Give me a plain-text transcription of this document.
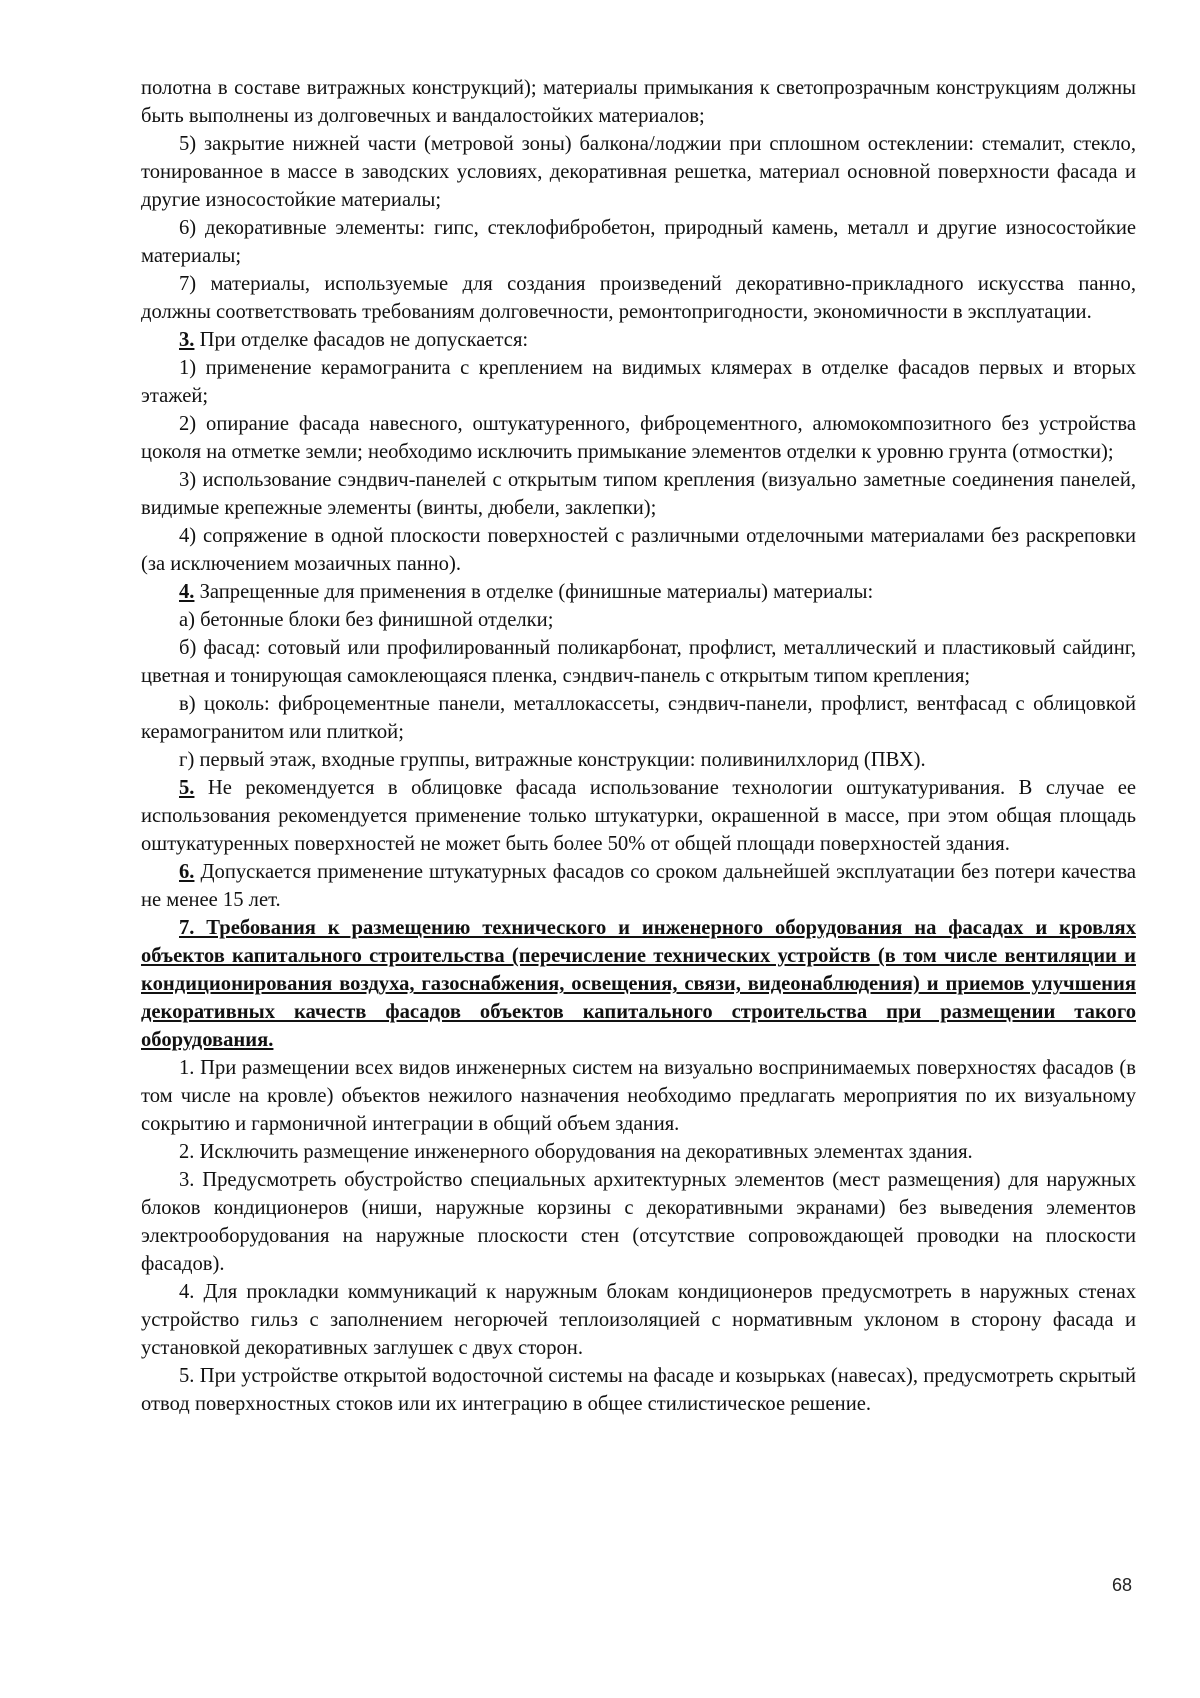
полотна в составе витражных конструкций); материалы примыкания к светопрозрачным конструкциям должны быть выполнены из долговечных и вандалостойких материалов;

5) закрытие нижней части (метровой зоны) балкона/лоджии при сплошном остеклении: стемалит, стекло, тонированное в массе в заводских условиях, декоративная решетка, материал основной поверхности фасада и другие износостойкие материалы;

6) декоративные элементы: гипс, стеклофибробетон, природный камень, металл и другие износостойкие материалы;

7) материалы, используемые для создания произведений декоративно-прикладного искусства панно, должны соответствовать требованиям долговечности, ремонтопригодности, экономичности в эксплуатации.

3. При отделке фасадов не допускается:

1) применение керамогранита с креплением на видимых клямерах в отделке фасадов первых и вторых этажей;

2) опирание фасада навесного, оштукатуренного, фиброцементного, алюмокомпозитного без устройства цоколя на отметке земли; необходимо исключить примыкание элементов отделки к уровню грунта (отмостки);

3) использование сэндвич-панелей с открытым типом крепления (визуально заметные соединения панелей, видимые крепежные элементы (винты, дюбели, заклепки);

4) сопряжение в одной плоскости поверхностей с различными отделочными материалами без раскреповки (за исключением мозаичных панно).

4. Запрещенные для применения в отделке (финишные материалы) материалы:

а) бетонные блоки без финишной отделки;

б) фасад: сотовый или профилированный поликарбонат, профлист, металлический и пластиковый сайдинг, цветная и тонирующая самоклеющаяся пленка, сэндвич-панель с открытым типом крепления;

в) цоколь: фиброцементные панели, металлокассеты, сэндвич-панели, профлист, вентфасад с облицовкой керамогранитом или плиткой;

г) первый этаж, входные группы, витражные конструкции: поливинилхлорид (ПВХ).

5. Не рекомендуется в облицовке фасада использование технологии оштукатуривания. В случае ее использования рекомендуется применение только штукатурки, окрашенной в массе, при этом общая площадь оштукатуренных поверхностей не может быть более 50% от общей площади поверхностей здания.

6. Допускается применение штукатурных фасадов со сроком дальнейшей эксплуатации без потери качества не менее 15 лет.

7. Требования к размещению технического и инженерного оборудования на фасадах и кровлях объектов капитального строительства (перечисление технических устройств (в том числе вентиляции и кондиционирования воздуха, газоснабжения, освещения, связи, видеонаблюдения) и приемов улучшения декоративных качеств фасадов объектов капитального строительства при размещении такого оборудования.

1. При размещении всех видов инженерных систем на визуально воспринимаемых поверхностях фасадов (в том числе на кровле) объектов нежилого назначения необходимо предлагать мероприятия по их визуальному сокрытию и гармоничной интеграции в общий объем здания.

2. Исключить размещение инженерного оборудования на декоративных элементах здания.

3. Предусмотреть обустройство специальных архитектурных элементов (мест размещения) для наружных блоков кондиционеров (ниши, наружные корзины с декоративными экранами) без выведения элементов электрооборудования на наружные плоскости стен (отсутствие сопровождающей проводки на плоскости фасадов).

4. Для прокладки коммуникаций к наружным блокам кондиционеров предусмотреть в наружных стенах устройство гильз с заполнением негорючей теплоизоляцией с нормативным уклоном в сторону фасада и установкой декоративных заглушек с двух сторон.

5. При устройстве открытой водосточной системы на фасаде и козырьках (навесах), предусмотреть скрытый отвод поверхностных стоков или их интеграцию в общее стилистическое решение.

68
